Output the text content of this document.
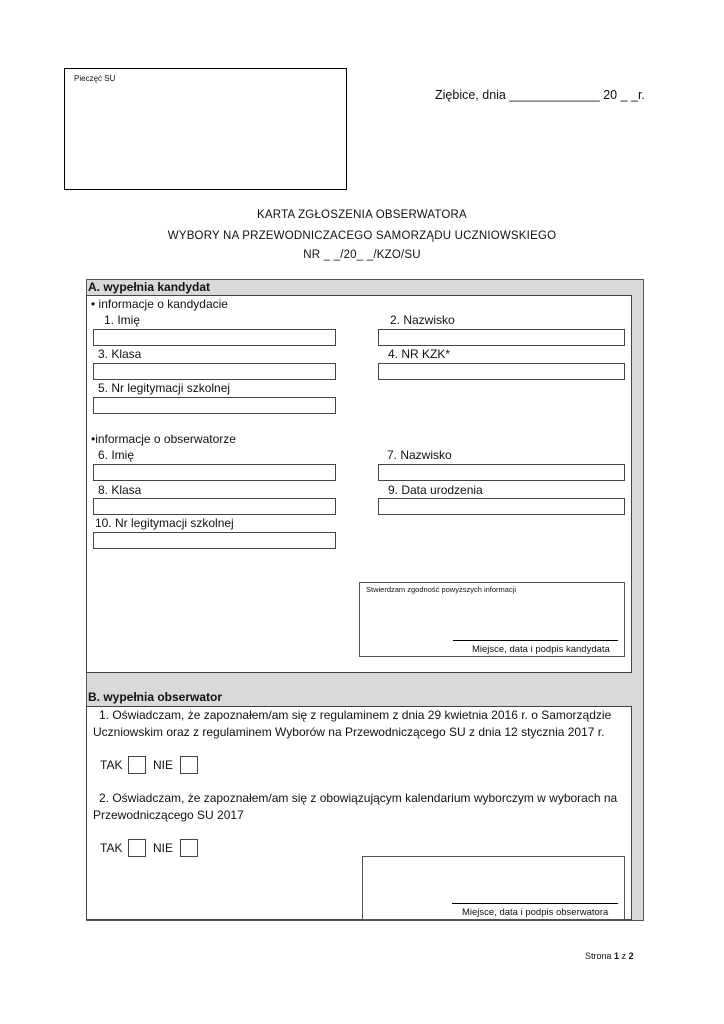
Pieczęć SU
Ziębice, dnia _____________ 20 _ _r.
KARTA ZGŁOSZENIA OBSERWATORA
WYBORY NA PRZEWODNICZACEGO SAMORZĄDU UCZNIOWSKIEGO
NR _ _/20_ _/KZO/SU
A. wypełnia kandydat
• informacje o kandydacie
1. Imię	2. Nazwisko
3. Klasa	4. NR KZK*
5. Nr legitymacji szkolnej
•informacje o obserwatorze
6. Imię	7. Nazwisko
8. Klasa	9. Data urodzenia
10. Nr legitymacji szkolnej
Stwierdzam zgodność powyższych informacji
Miejsce, data i podpis kandydata
B. wypełnia obserwator
1. Oświadczam, że zapoznałem/am się z regulaminem z dnia 29 kwietnia 2016 r. o Samorządzie Uczniowskim oraz z regulaminem Wyborów na Przewodniczącego SU z dnia 12 stycznia 2017 r.
TAK	NIE
2. Oświadczam, że zapoznałem/am się z obowiązującym kalendarium wyborczym w wyborach na Przewodniczącego SU 2017
TAK	NIE
Miejsce, data i podpis obserwatora
Strona 1 z 2
